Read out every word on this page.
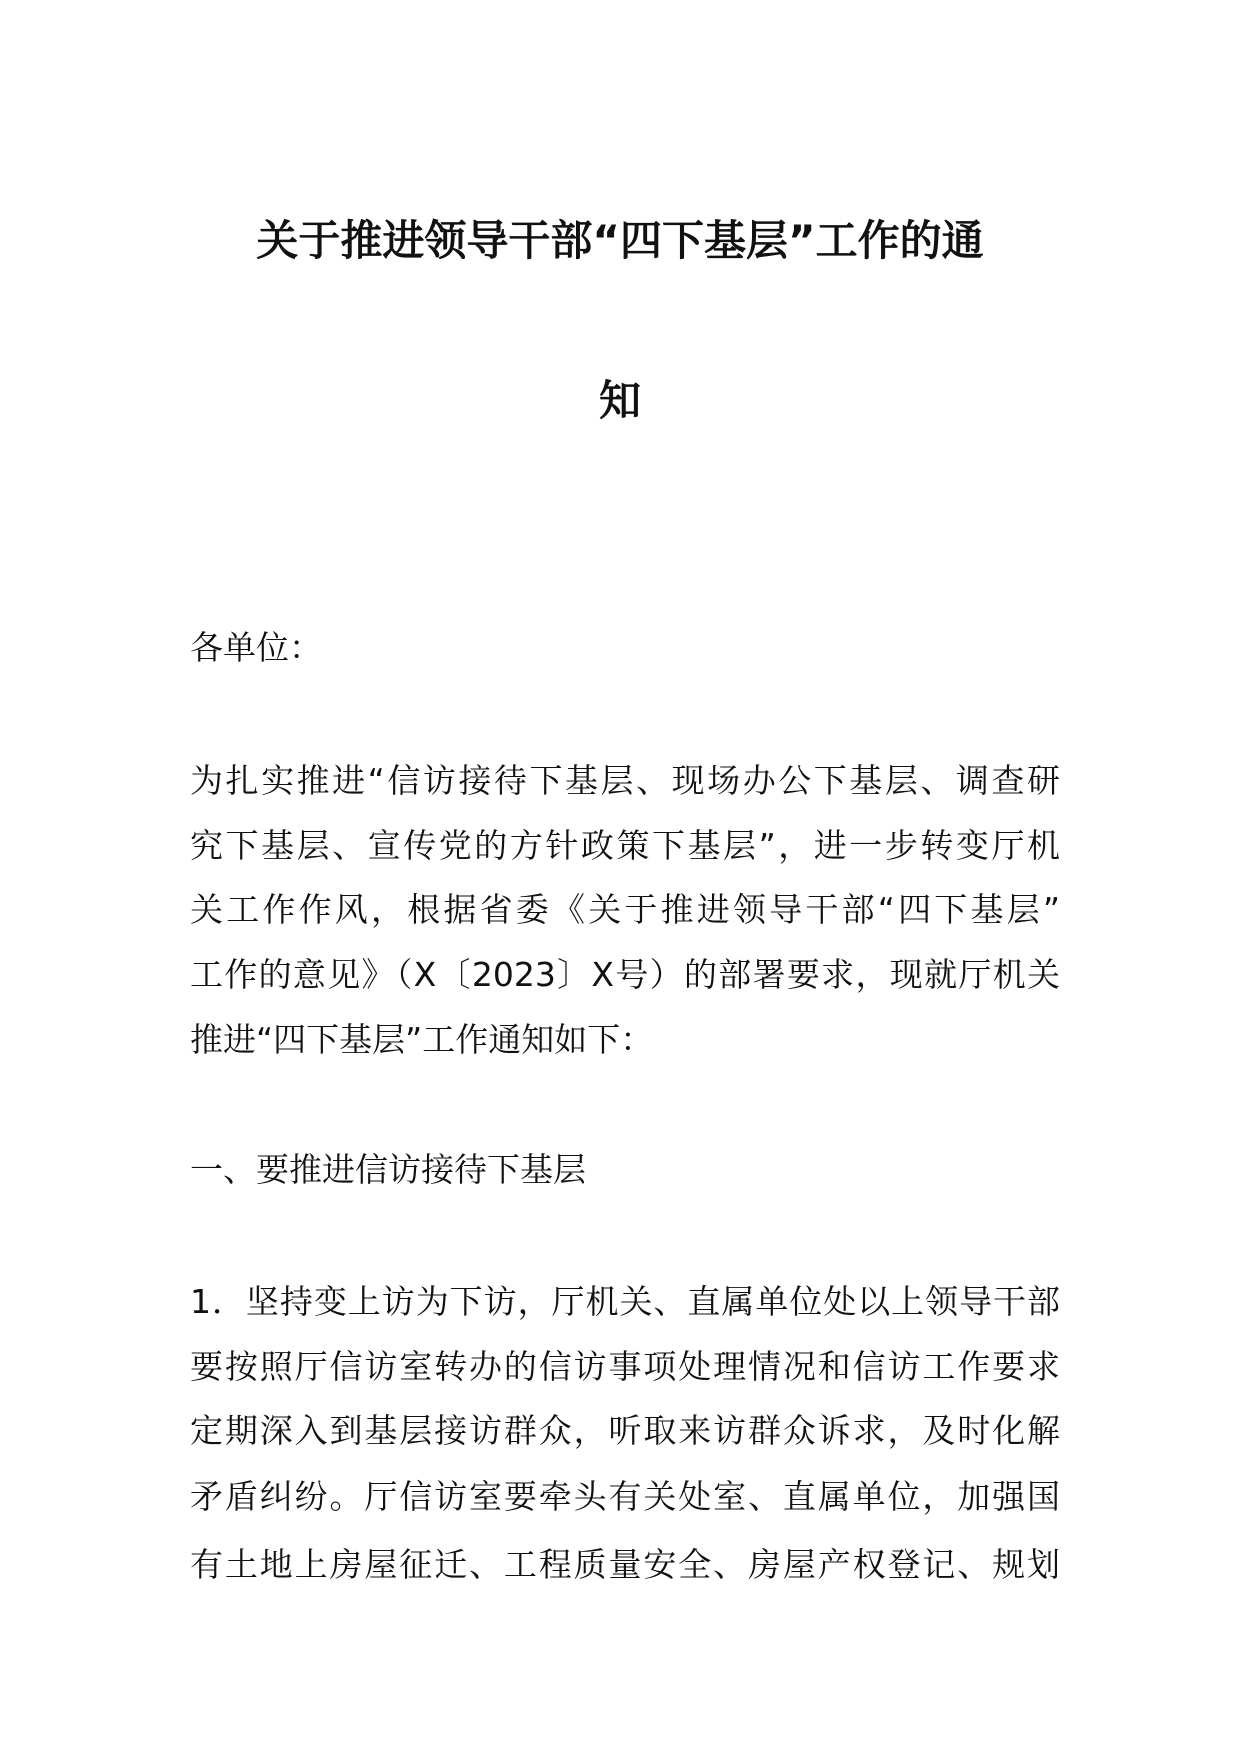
关于推进领导干部“四下基层”工作的通
知
各单位：
为扎实推进“信访接待下基层、现场办公下基层、调查研
究下基层、宣传党的方针政策下基层”，进一步转变厅机
关工作作风，根据省委《关于推进领导干部“四下基层”
工作的意见》（X〔2023〕X号）的部署要求，现就厅机关
推进“四下基层”工作通知如下：
一、要推进信访接待下基层
1．坚持变上访为下访，厅机关、直属单位处以上领导干部
要按照厅信访室转办的信访事项处理情况和信访工作要求
定期深入到基层接访群众，听取来访群众诉求，及时化解
矛盾纠纷。厅信访室要牵头有关处室、直属单位，加强国
有土地上房屋征迁、工程质量安全、房屋产权登记、规划
